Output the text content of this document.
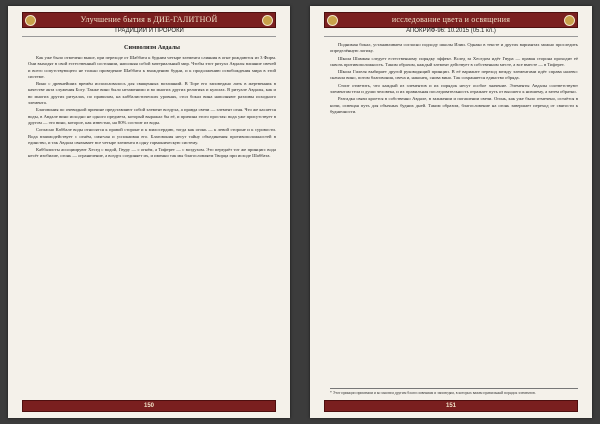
Улучшение бытия в ДИЕ-ГАЛИТНОЙ
ТРАДИЦИИ И ПРОРОКИ
Символизм Авдалы

Как уже было отмечено выше, при переходе от Шаббата к будним четыре элемента слияния в огне рождаются из 3 Фирм. Они выходят в свой естественный состоянии, наполняя собой материальный мир. Чтобы этот ритуал Авдалы влияние свечей и всего сопутствующего не только проведение Шаббата к вхождению будни, и к продолжению освобождения мира в этой системе.

Вино с древнейших времён использовалось для священных возлияний. В Торе его заповедано лить в жертвенник в качестве акта служения Богу. Также вино было незаменимо и во многих других религиях и культах. В ритуале Авдалы, как и во многих других ритуалах, по правилам, на каббалистических уровнях, стол бокал вина наполняют разливы исходного элемента.

Благовония по очевидной причине представляют собой элемент воздуха, а правда свечи — элемент огня. Что же касается воды, в Авдале вино исходно не одного предмета, который выражал бы её, и причина этого простая: вода уже присутствует в другом — это вино, которое, как известно, на 80% состоит из воды.

Согласно Каббале воды относятся к правой стороне и к милосердию, тогда как огонь — к левой стороне и к суровости. Вода взаимодействует с огнём, смягчая и успокаивая его. Благовония несут тайну объединения противоположностей в единство, и так Авдала связывает все четыре элемента в одну гармоническую систему.

Каббалисты ассоциируют Хесед с водой, Гвуру — с огнём, а Тиферет — с воздухом. Это передаёт тот же принцип: вода несёт изобилие, огонь — ограничение, а воздух соединяет их, и именно так мы благословляем Творца при исходе Шаббата.

150
исследование цвета и освящения
АПОКРИФ-96: 10.2015 (05.1 кл.)

Поднимая бокал, устанавливаем согласно подходу школы Илии. Однако в тексте и других вариантах можно проследить определённую логику.

Школа Шаммая следует естественному порядку эффект. Вслед за Хеседом идёт Гвура — правая сторона проходит её сквозь противоположность. Таким образом, каждый элемент действует в собственном месте, а все вместе — в Тиферет.

Школа Гилеля выбирает другой руководящий принцип. В её варианте переход между элементами идёт справа налево: сначала вино, потом благовония, свеча и, наконец, снова вино. Так сохраняется единство обряда.

Стоит отметить, что каждый из элементов и их порядок несут особое значение. Элементы Авдалы соответствуют элементам тела и души человека, и их правильная последовательность отражает путь от высшего к низшему, а затем обратно.

Разгадка связи кроется в собственно Авдале, в зажжении и погашении свечи. Огонь, как уже было отмечено, остаётся в ночи, освещая путь для обычных будних дней. Таким образом, благословение на огонь завершает переход от святости к будничности.

* Этот принцип применим и ко многим другим благословениям и заповедям, в которых важен правильный порядок элементов.

151
